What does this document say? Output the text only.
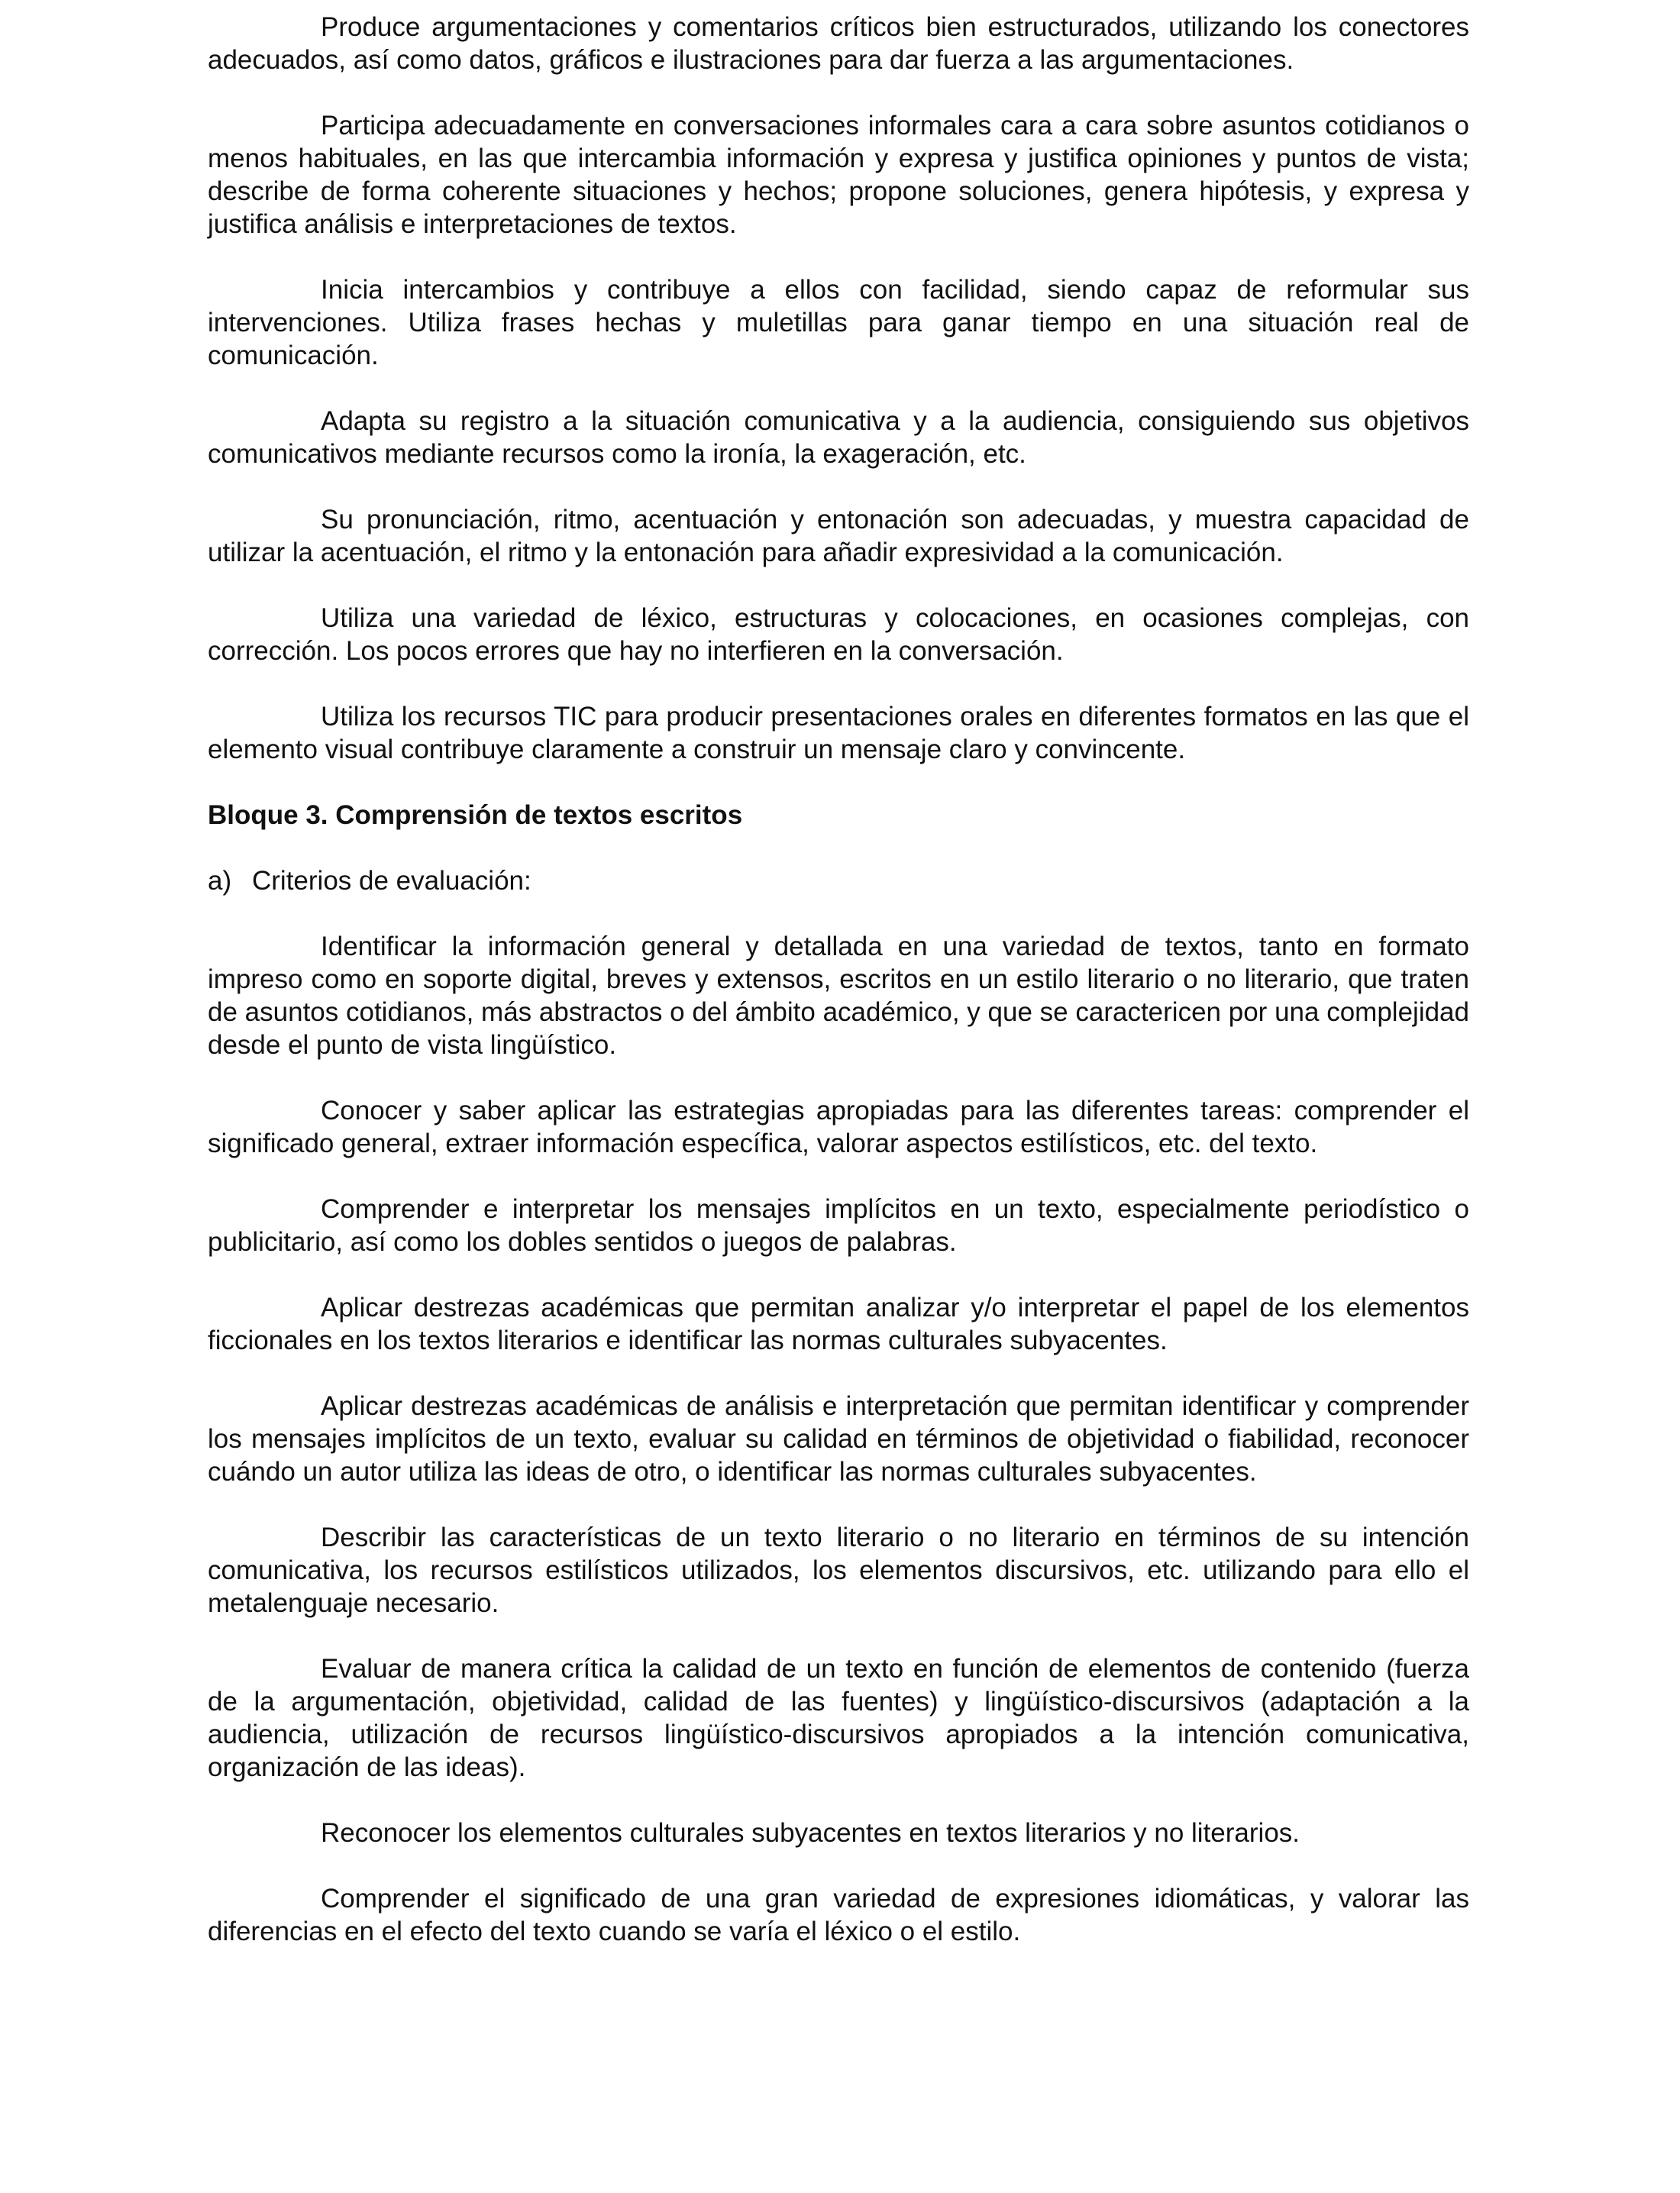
Produce argumentaciones y comentarios críticos bien estructurados, utilizando los conectores adecuados, así como datos, gráficos e ilustraciones para dar fuerza a las argumentaciones.

Participa adecuadamente en conversaciones informales cara a cara sobre asuntos cotidianos o menos habituales, en las que intercambia información y expresa y justifica opiniones y puntos de vista; describe de forma coherente situaciones y hechos; propone soluciones, genera hipótesis, y expresa y justifica análisis e interpretaciones de textos.

Inicia intercambios y contribuye a ellos con facilidad, siendo capaz de reformular sus intervenciones. Utiliza frases hechas y muletillas para ganar tiempo en una situación real de comunicación.

Adapta su registro a la situación comunicativa y a la audiencia, consiguiendo sus objetivos comunicativos mediante recursos como la ironía, la exageración, etc.

Su pronunciación, ritmo, acentuación y entonación son adecuadas, y muestra capacidad de utilizar la acentuación, el ritmo y la entonación para añadir expresividad a la comunicación.

Utiliza una variedad de léxico, estructuras y colocaciones, en ocasiones complejas, con corrección. Los pocos errores que hay no interfieren en la conversación.

Utiliza los recursos TIC para producir presentaciones orales en diferentes formatos en las que el elemento visual contribuye claramente a construir un mensaje claro y convincente.

Bloque 3. Comprensión de textos escritos

a) Criterios de evaluación:

Identificar la información general y detallada en una variedad de textos, tanto en formato impreso como en soporte digital, breves y extensos, escritos en un estilo literario o no literario, que traten de asuntos cotidianos, más abstractos o del ámbito académico, y que se caractericen por una complejidad desde el punto de vista lingüístico.

Conocer y saber aplicar las estrategias apropiadas para las diferentes tareas: comprender el significado general, extraer información específica, valorar aspectos estilísticos, etc. del texto.

Comprender e interpretar los mensajes implícitos en un texto, especialmente periodístico o publicitario, así como los dobles sentidos o juegos de palabras.

Aplicar destrezas académicas que permitan analizar y/o interpretar el papel de los elementos ficcionales en los textos literarios e identificar las normas culturales subyacentes.

Aplicar destrezas académicas de análisis e interpretación que permitan identificar y comprender los mensajes implícitos de un texto, evaluar su calidad en términos de objetividad o fiabilidad, reconocer cuándo un autor utiliza las ideas de otro, o identificar las normas culturales subyacentes.

Describir las características de un texto literario o no literario en términos de su intención comunicativa, los recursos estilísticos utilizados, los elementos discursivos, etc. utilizando para ello el metalenguaje necesario.

Evaluar de manera crítica la calidad de un texto en función de elementos de contenido (fuerza de la argumentación, objetividad, calidad de las fuentes) y lingüístico-discursivos (adaptación a la audiencia, utilización de recursos lingüístico-discursivos apropiados a la intención comunicativa, organización de las ideas).

Reconocer los elementos culturales subyacentes en textos literarios y no literarios.

Comprender el significado de una gran variedad de expresiones idiomáticas, y valorar las diferencias en el efecto del texto cuando se varía el léxico o el estilo.
